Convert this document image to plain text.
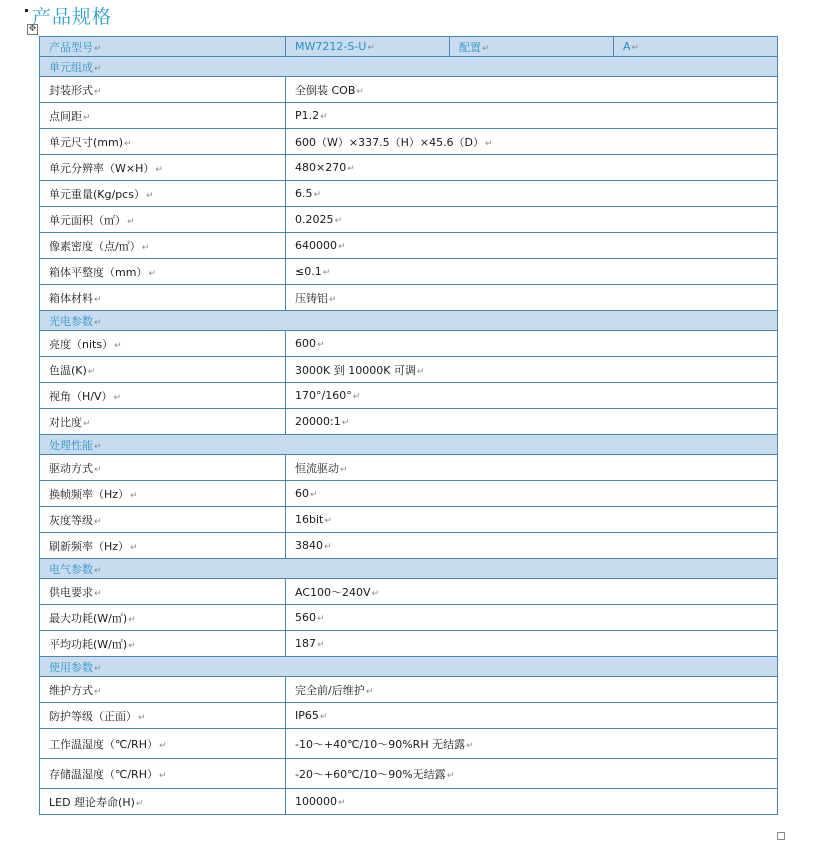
产品规格
✥
产品型号↵	MW7212-S-U↵	配置↵	A↵
单元组成↵			
封装形式↵	全倒装 COB↵		
点间距↵	P1.2↵		
单元尺寸(mm)↵	600（W）×337.5（H）×45.6（D）↵		
单元分辨率（W×H）↵	480×270↵		
单元重量(Kg/pcs）↵	6.5↵		
单元面积（㎡）↵	0.2025↵		
像素密度（点/㎡）↵	640000↵		
箱体平整度（mm）↵	≤0.1↵		
箱体材料↵	压铸铝↵		
光电参数↵			
亮度（nits）↵	600↵		
色温(K)↵	3000K 到 10000K 可调↵		
视角（H/V）↵	170°/160°↵		
对比度↵	20000:1↵		
处理性能↵			
驱动方式↵	恒流驱动↵		
换帧频率（Hz）↵	60↵		
灰度等级↵	16bit↵		
刷新频率（Hz）↵	3840↵		
电气参数↵			
供电要求↵	AC100～240V↵		
最大功耗(W/㎡)↵	560↵		
平均功耗(W/㎡)↵	187↵		
使用参数↵			
维护方式↵	完全前/后维护↵		
防护等级（正面）↵	IP65↵		
工作温湿度（℃/RH）↵	-10～+40℃/10～90%RH 无结露↵		
存储温湿度（℃/RH）↵	-20～+60℃/10～90%无结露↵		
LED 理论寿命(H)↵	100000↵		
